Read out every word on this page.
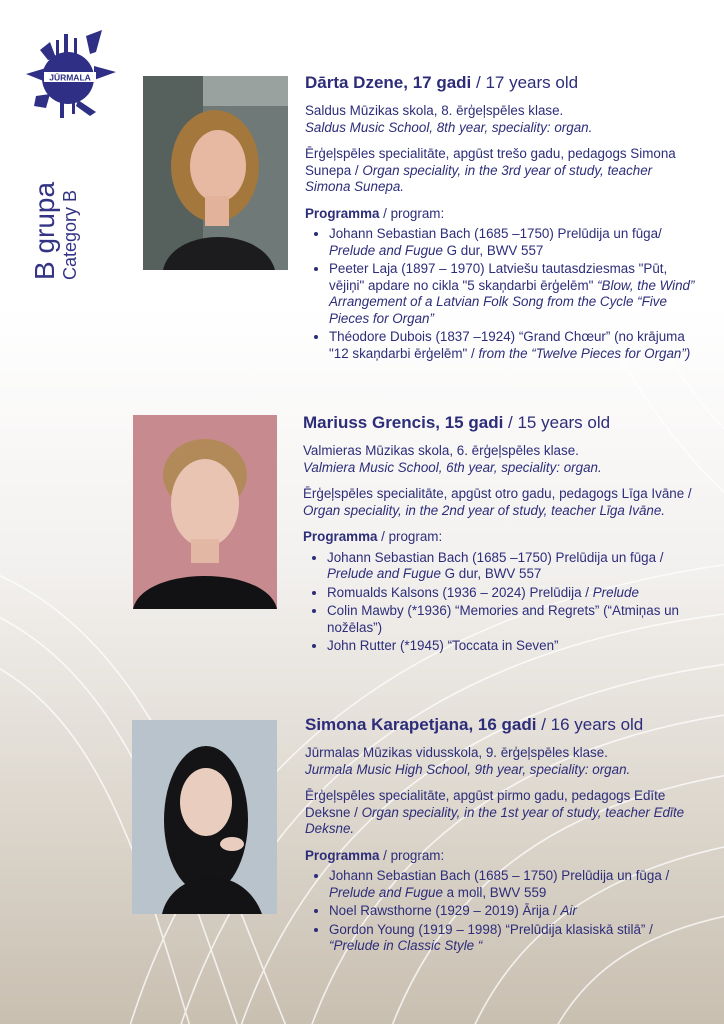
JŪRMALA
B grupa Category B
Dārta Dzene, 17 gadi / 17 years old

Saldus Mūzikas skola, 8. ērģeļspēles klase.
Saldus Music School, 8th year, speciality: organ.

Ērģeļspēles specialitāte, apgūst trešo gadu, pedagogs Simona Sunepa / Organ speciality, in the 3rd year of study, teacher Simona Sunepa.

Programma / program:
• Johann Sebastian Bach (1685 –1750) Prelūdija un fūga/ Prelude and Fugue G dur, BWV 557
• Peeter Laja (1897 – 1970) Latviešu tautasdziesmas "Pūt, vējiņi" apdare no cikla "5 skaņdarbi ērģelēm" “Blow, the Wind” Arrangement of a Latvian Folk Song from the Cycle “Five Pieces for Organ”
• Théodore Dubois (1837 –1924) “Grand Chœur” (no krājuma "12 skaņdarbi ērģelēm" / from the “Twelve Pieces for Organ”)
Mariuss Grencis, 15 gadi / 15 years old

Valmieras Mūzikas skola, 6. ērģeļspēles klase.
Valmiera Music School, 6th year, speciality: organ.

Ērģeļspēles specialitāte, apgūst otro gadu, pedagogs Līga Ivāne / Organ speciality, in the 2nd year of study, teacher Līga Ivāne.

Programma / program:
• Johann Sebastian Bach (1685 –1750) Prelūdija un fūga / Prelude and Fugue G dur, BWV 557
• Romualds Kalsons (1936 – 2024) Prelūdija / Prelude
• Colin Mawby (*1936) “Memories and Regrets” (“Atmiņas un nožēlas”)
• John Rutter (*1945) “Toccata in Seven”
Simona Karapetjana, 16 gadi / 16 years old

Jūrmalas Mūzikas vidusskola, 9. ērģeļspēles klase.
Jurmala Music High School, 9th year, speciality: organ.

Ērģeļspēles specialitāte, apgūst pirmo gadu, pedagogs Edīte Deksne / Organ speciality, in the 1st year of study, teacher Edīte Deksne.

Programma / program:
• Johann Sebastian Bach (1685 – 1750) Prelūdija un fūga / Prelude and Fugue a moll, BWV 559
• Noel Rawsthorne (1929 – 2019) Ārija / Air
• Gordon Young (1919 – 1998) “Prelūdija klasiskā stilā” / “Prelude in Classic Style “
